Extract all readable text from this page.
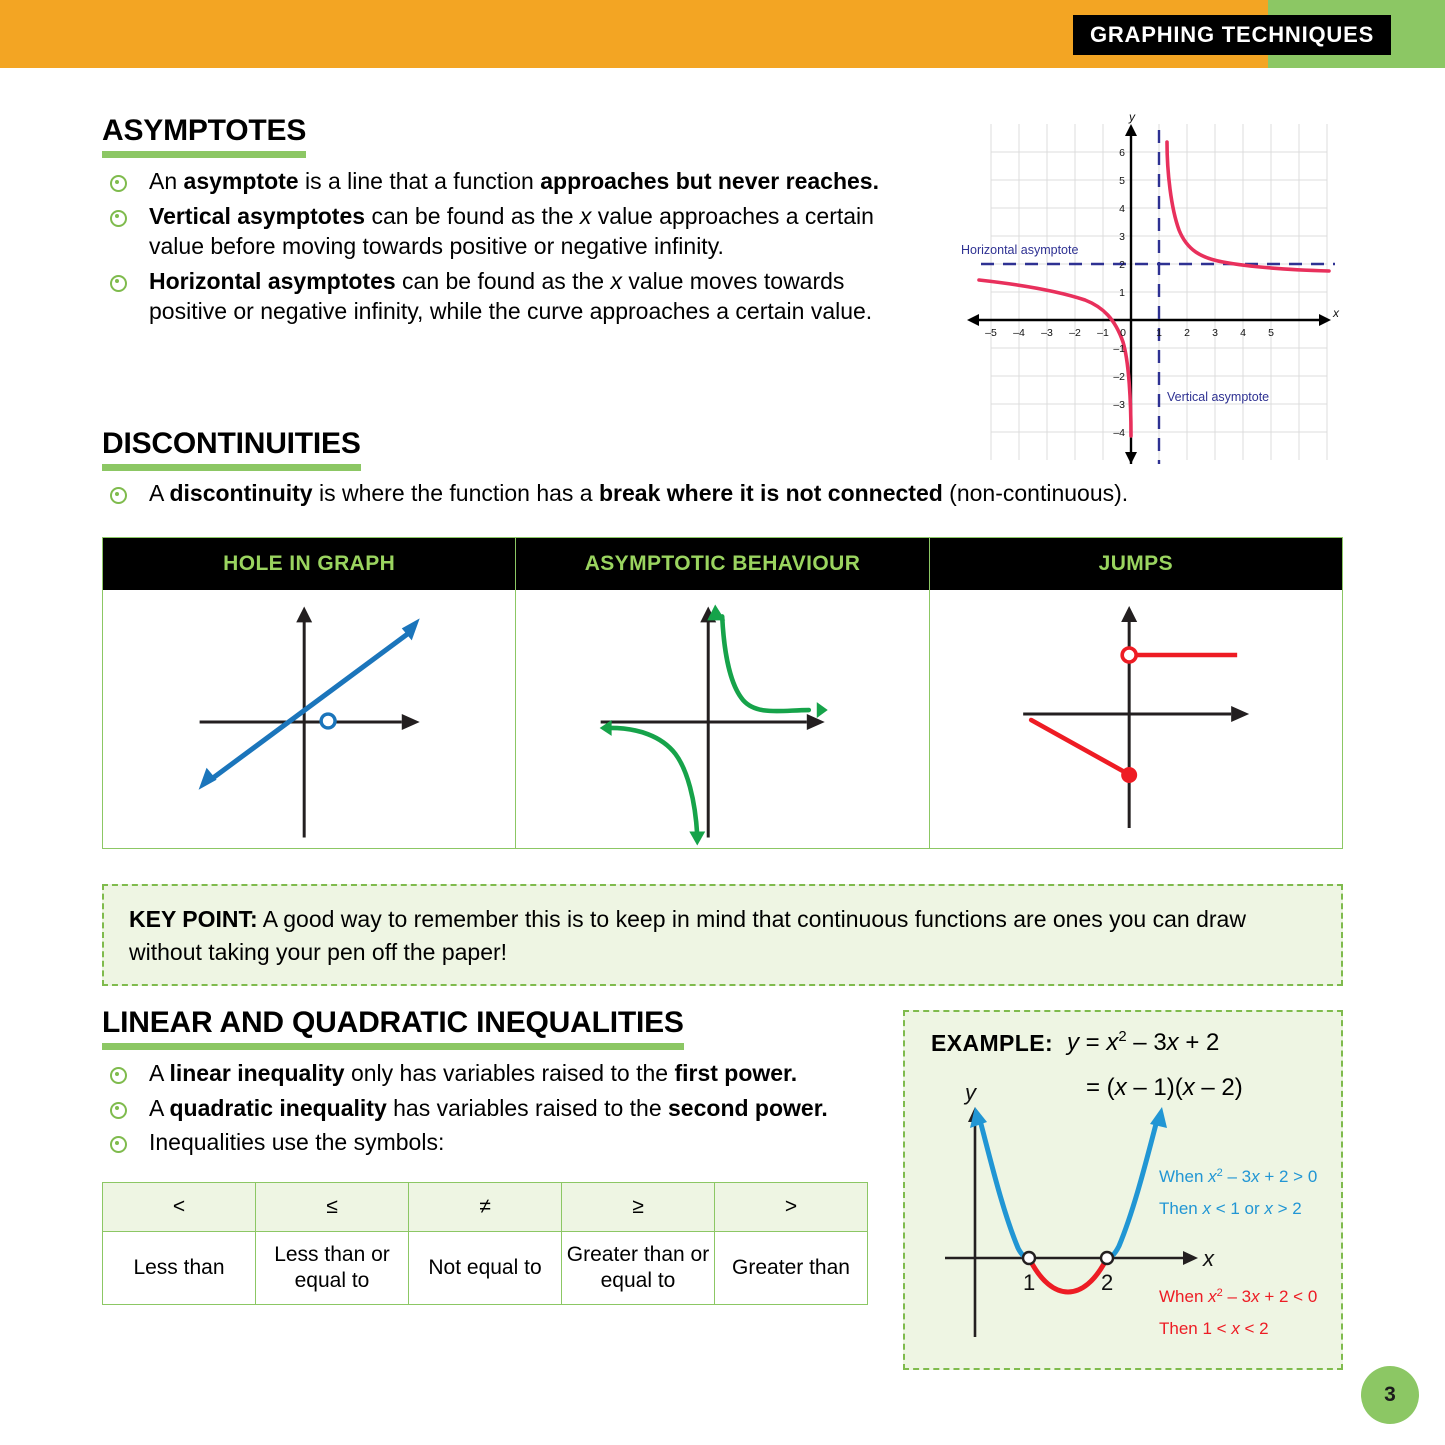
GRAPHING TECHNIQUES
ASYMPTOTES
An asymptote is a line that a function approaches but never reaches.
Vertical asymptotes can be found as the x value approaches a certain value before moving towards positive or negative infinity.
Horizontal asymptotes can be found as the x value moves towards positive or negative infinity, while the curve approaches a certain value.
y
x
–5 –4 –3 –2 –1 0	1 2 3 4 5
6
5
4
3
2
1
–1
–2
–3
–4
Horizontal asymptote
Vertical asymptote
DISCONTINUITIES
A discontinuity is where the function has a break where it is not connected (non-continuous).
HOLE IN GRAPH	ASYMPTOTIC BEHAVIOUR	JUMPS
KEY POINT: A good way to remember this is to keep in mind that continuous functions are ones you can draw without taking your pen off the paper!
LINEAR AND QUADRATIC INEQUALITIES
A linear inequality only has variables raised to the first power.
A quadratic inequality has variables raised to the second power.
Inequalities use the symbols:
<	≤	≠	≥	>
Less than	Less than or equal to	Not equal to	Greater than or equal to	Greater than
EXAMPLE: $y = x^2 - 3x + 2$
= (x – 1)(x – 2)
1	2
x
y
When $x^2 - 3x + 2 > 0$
Then x < 1 or x > 2
When $x^2 - 3x + 2 < 0$
Then 1 < x < 2
3
